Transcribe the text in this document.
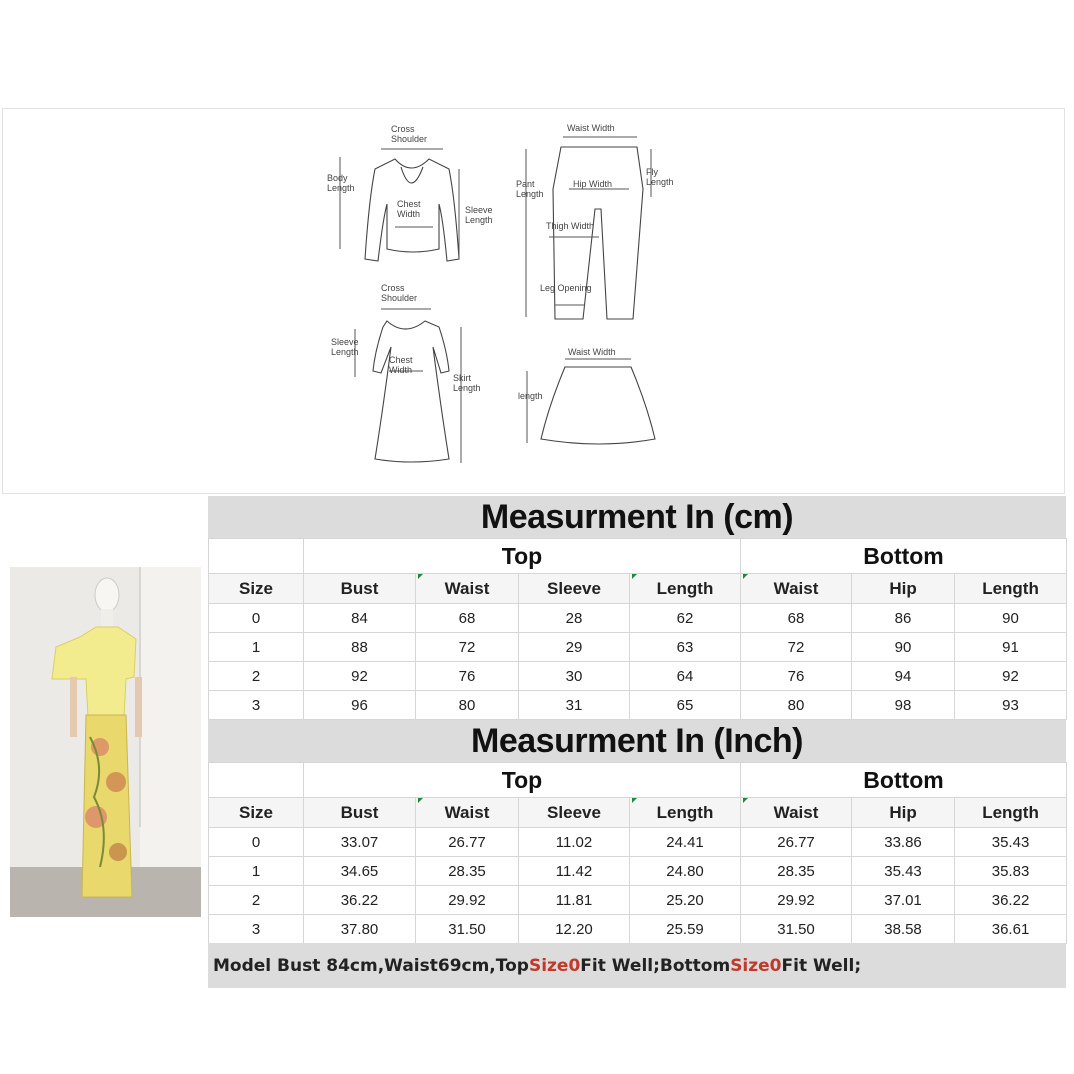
Cross Shoulder
Body Length
Chest Width	Sleeve Length
Waist Width
Pant Length
Hip Width
Fly Length
Thigh Width
Leg Opening
Cross Shoulder
Sleeve Length
Chest Width
Skirt Length
Waist Width
length
Measurment In (cm)
	Top				Bottom		
Size	Bust	Waist	Sleeve	Length	Waist	Hip	Length
0	84	68	28	62	68	86	90
1	88	72	29	63	72	90	91
2	92	76	30	64	76	94	92
3	96	80	31	65	80	98	93
Measurment In (Inch)
	Top				Bottom		
Size	Bust	Waist	Sleeve	Length	Waist	Hip	Length
0	33.07	26.77	11.02	24.41	26.77	33.86	35.43
1	34.65	28.35	11.42	24.80	28.35	35.43	35.83
2	36.22	29.92	11.81	25.20	29.92	37.01	36.22
3	37.80	31.50	12.20	25.59	31.50	38.58	36.61
Model Bust 84cm,Waist69cm,Top Size0 Fit Well;Bottom Size0 Fit Well;
